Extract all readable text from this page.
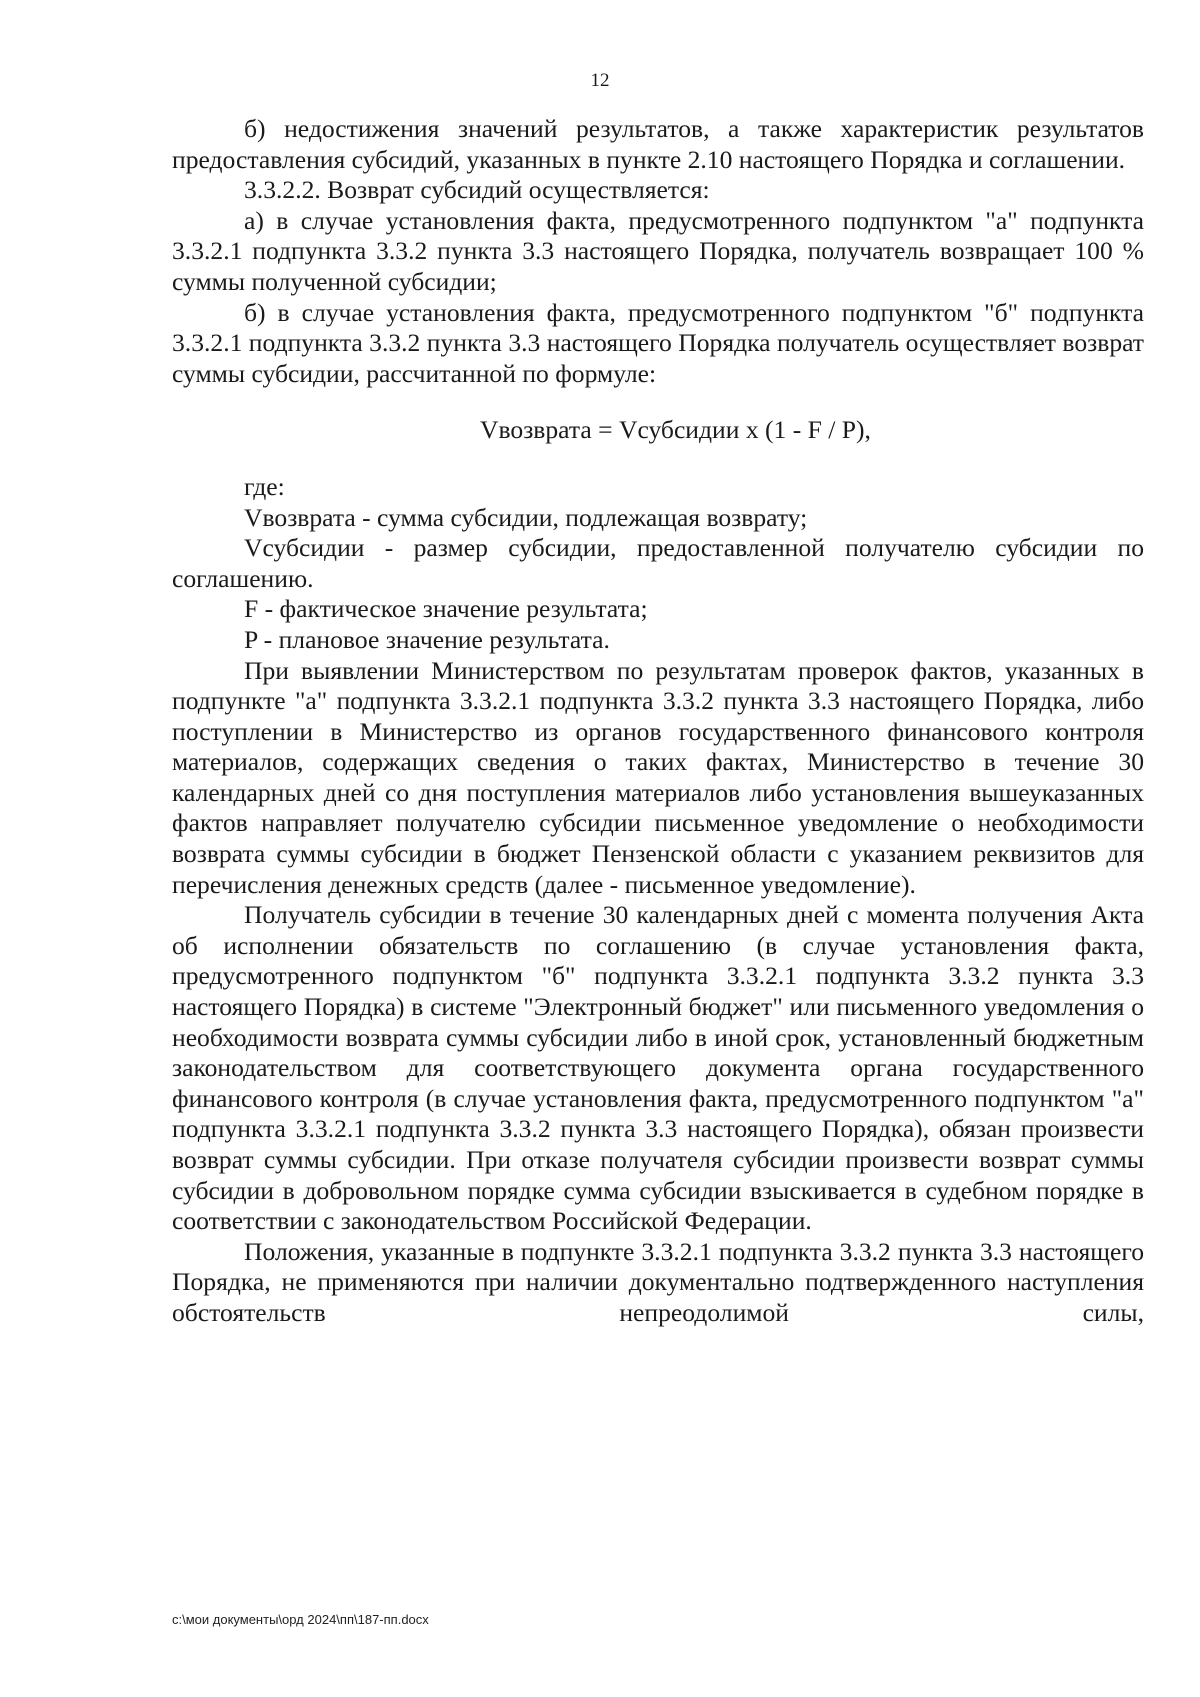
12

б) недостижения значений результатов, а также характеристик результатов предоставления субсидий, указанных в пункте 2.10 настоящего Порядка и соглашении.

3.3.2.2. Возврат субсидий осуществляется:

а) в случае установления факта, предусмотренного подпунктом "а" подпункта 3.3.2.1 подпункта 3.3.2 пункта 3.3 настоящего Порядка, получатель возвращает 100 % суммы полученной субсидии;

б) в случае установления факта, предусмотренного подпунктом "б" подпункта 3.3.2.1 подпункта 3.3.2 пункта 3.3 настоящего Порядка получатель осуществляет возврат суммы субсидии, рассчитанной по формуле:

Vвозврата = Vсубсидии x (1 - F / P),

где:

Vвозврата - сумма субсидии, подлежащая возврату;

Vсубсидии - размер субсидии, предоставленной получателю субсидии по соглашению.

F - фактическое значение результата;

P - плановое значение результата.

При выявлении Министерством по результатам проверок фактов, указанных в подпункте "а" подпункта 3.3.2.1 подпункта 3.3.2 пункта 3.3 настоящего Порядка, либо поступлении в Министерство из органов государственного финансового контроля материалов, содержащих сведения о таких фактах, Министерство в течение 30 календарных дней со дня поступления материалов либо установления вышеуказанных фактов направляет получателю субсидии письменное уведомление о необходимости возврата суммы субсидии в бюджет Пензенской области с указанием реквизитов для перечисления денежных средств (далее - письменное уведомление).

Получатель субсидии в течение 30 календарных дней с момента получения Акта об исполнении обязательств по соглашению (в случае установления факта, предусмотренного подпунктом "б" подпункта 3.3.2.1 подпункта 3.3.2 пункта 3.3 настоящего Порядка) в системе "Электронный бюджет" или письменного уведомления о необходимости возврата суммы субсидии либо в иной срок, установленный бюджетным законодательством для соответствующего документа органа государственного финансового контроля (в случае установления факта, предусмотренного подпунктом "а" подпункта 3.3.2.1 подпункта 3.3.2 пункта 3.3 настоящего Порядка), обязан произвести возврат суммы субсидии. При отказе получателя субсидии произвести возврат суммы субсидии в добровольном порядке сумма субсидии взыскивается в судебном порядке в соответствии с законодательством Российской Федерации.

Положения, указанные в подпункте 3.3.2.1 подпункта 3.3.2 пункта 3.3 настоящего Порядка, не применяются при наличии документально подтвержденного наступления обстоятельств непреодолимой силы,

c:\мои документы\орд 2024\пп\187-пп.docx
